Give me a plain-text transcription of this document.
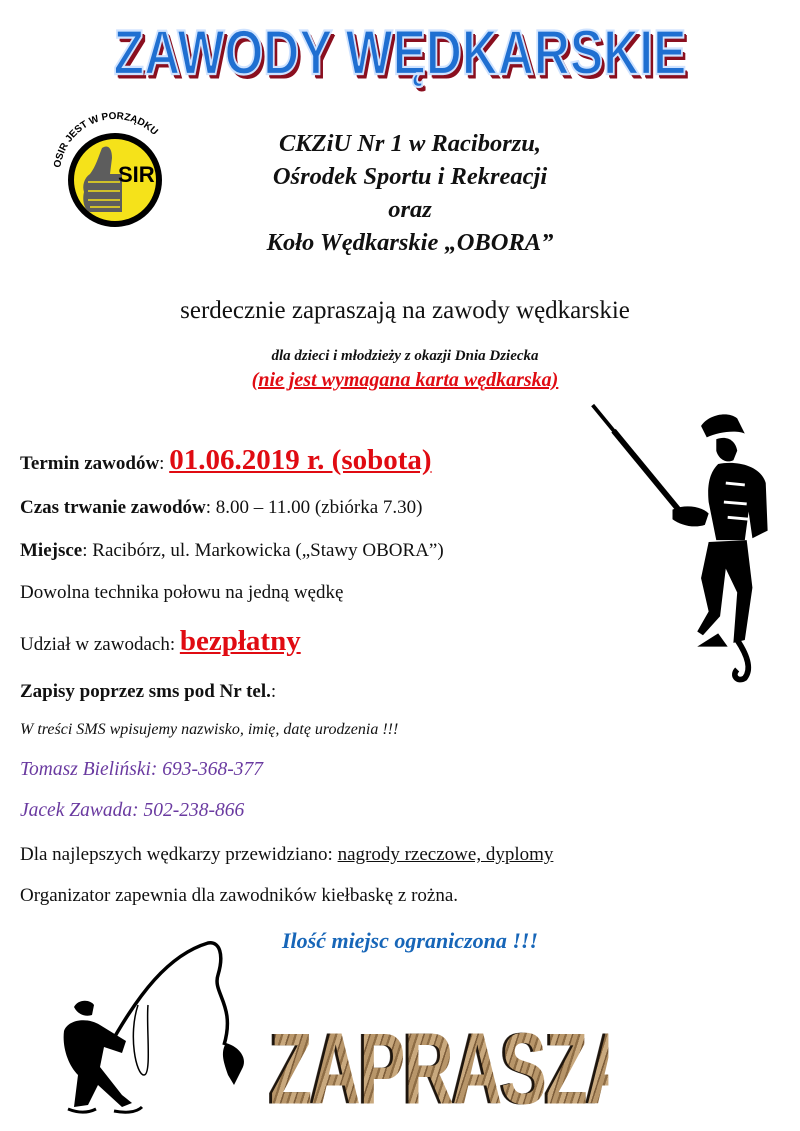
ZAWODY WĘDKARSKIE
OSIR JEST W PORZĄDKU
SIR
CKZiU Nr 1 w Raciborzu,
Ośrodek Sportu i Rekreacji
oraz
Koło Wędkarskie „OBORA”
serdecznie zapraszają na zawody wędkarskie
dla dzieci i młodzieży z okazji Dnia Dziecka
(nie jest wymagana karta wędkarska)
Termin zawodów: 01.06.2019 r. (sobota)
Czas trwanie zawodów: 8.00 – 11.00 (zbiórka 7.30)
Miejsce: Racibórz, ul. Markowicka („Stawy OBORA”)
Dowolna technika połowu na jedną wędkę
Udział w zawodach: bezpłatny
Zapisy poprzez sms pod Nr tel.:
W treści SMS wpisujemy nazwisko, imię, datę urodzenia !!!
Tomasz Bieliński: 693-368-377
Jacek Zawada: 502-238-866
Dla najlepszych wędkarzy przewidziano: nagrody rzeczowe, dyplomy
Organizator zapewnia dla zawodników kiełbaskę z rożna.
Ilość miejsc ograniczona !!!
ZAPRASZAMY
